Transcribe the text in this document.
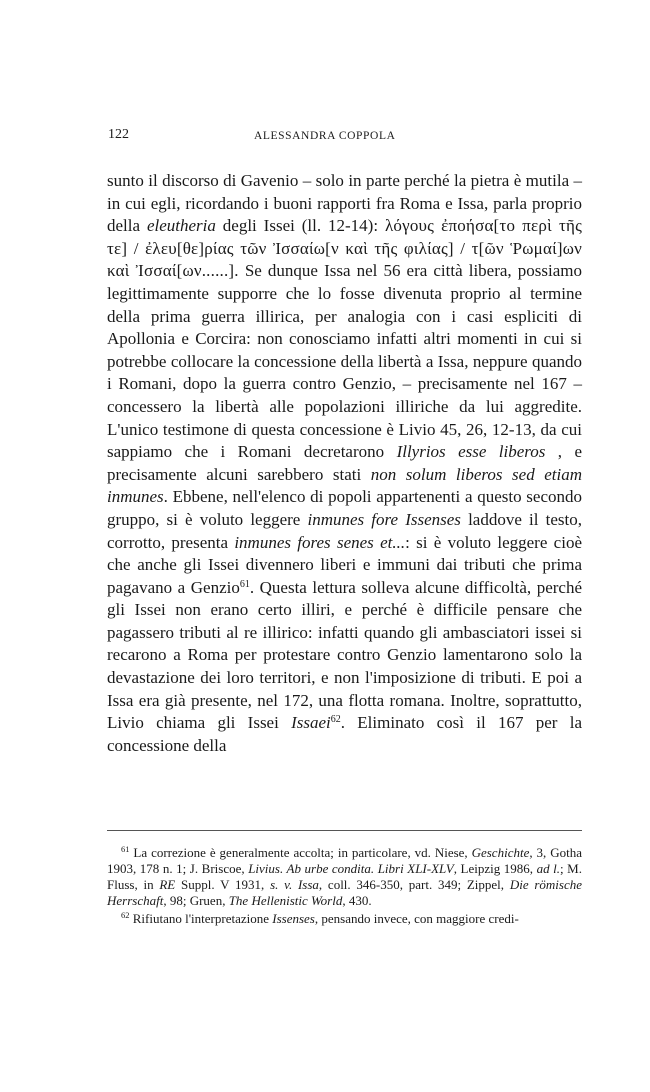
122	ALESSANDRA COPPOLA

sunto il discorso di Gavenio – solo in parte perché la pietra è mutila – in cui egli, ricordando i buoni rapporti fra Roma e Issa, parla proprio della eleutheria degli Issei (ll. 12-14): λόγους ἐποήσα[το περὶ τῆς τε] / ἐλευ[θε]ρίας τῶν Ἰσσαίω[ν καὶ τῆς φιλίας] / τ[ῶν Ῥωμαί]ων καὶ Ἰσσαί[ων......]. Se dunque Issa nel 56 era città libera, possiamo legittimamente supporre che lo fosse divenuta proprio al termine della prima guerra illirica, per analogia con i casi espliciti di Apollonia e Corcira: non conosciamo infatti altri momenti in cui si potrebbe collocare la concessione della libertà a Issa, neppure quando i Romani, dopo la guerra contro Genzio, – precisamente nel 167 – concessero la libertà alle popolazioni illiriche da lui aggredite. L'unico testimone di questa concessione è Livio 45, 26, 12-13, da cui sappiamo che i Romani decretarono Illyrios esse liberos , e precisamente alcuni sarebbero stati non solum liberos sed etiam inmunes. Ebbene, nell'elenco di popoli appartenenti a questo secondo gruppo, si è voluto leggere inmunes fore Issenses laddove il testo, corrotto, presenta inmunes fores senes et...: si è voluto leggere cioè che anche gli Issei divennero liberi e immuni dai tributi che prima pagavano a Genzio$^{61}$. Questa lettura solleva alcune difficoltà, perché gli Issei non erano certo illiri, e perché è difficile pensare che pagassero tributi al re illirico: infatti quando gli ambasciatori issei si recarono a Roma per protestare contro Genzio lamentarono solo la devastazione dei loro territori, e non l'imposizione di tributi. E poi a Issa era già presente, nel 172, una flotta romana. Inoltre, soprattutto, Livio chiama gli Issei Issaei$^{62}$. Eliminato così il 167 per la concessione della

$^{61}$ La correzione è generalmente accolta; in particolare, vd. Niese, Geschichte, 3, Gotha 1903, 178 n. 1; J. Briscoe, Livius. Ab urbe condita. Libri XLI-XLV, Leipzig 1986, ad l.; M. Fluss, in RE Suppl. V 1931, s. v. Issa, coll. 346-350, part. 349; Zippel, Die römische Herrschaft, 98; Gruen, The Hellenistic World, 430.

$^{62}$ Rifiutano l'interpretazione Issenses, pensando invece, con maggiore credi-
